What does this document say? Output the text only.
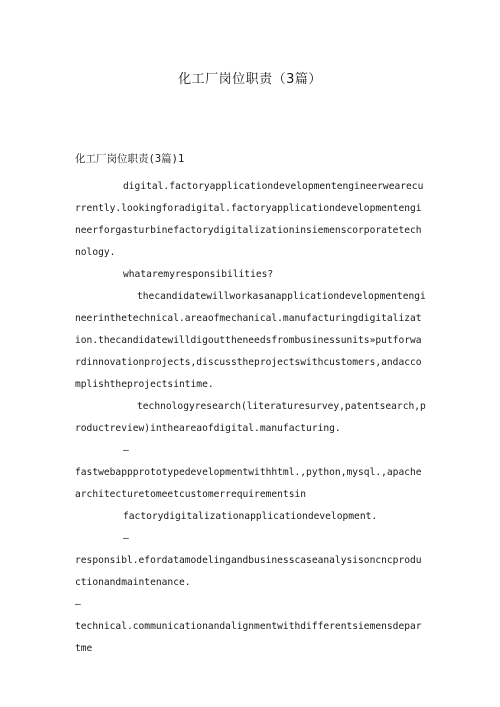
化工厂岗位职责（3篇）
化工厂岗位职责(3篇)1

digital.factoryapplicationdevelopmentengineerwearecurrently.lookingforadigital.factoryapplicationdevelopmentengineerforgasturbinefactorydigitalizationinsiemenscorporatetechnology.

whataremyresponsibilities?

thecandidatewillworkasanapplicationdevelopmentengineerinthetechnical.areaofmechanical.manufacturingdigitalization.thecandidatewilldigouttheneedsfrombusinessunits»putforwardinnovationprojects,discusstheprojectswithcustomers,andaccomplishtheprojectsintime.

technologyresearch(literaturesurvey,patentsearch,productreview)intheareaofdigital.manufacturing.

–

fastwebappprototypedevelopmentwithhtml.,python,mysql.,apachearchitecturetomeetcustomerrequirementsin

factorydigitalizationapplicationdevelopment.

–

responsibl.efordatamodelingandbusinesscaseanalysisoncncproductionandmaintenance.

–

technical.communicationandalignmentwithdifferentsiemensdepartme
